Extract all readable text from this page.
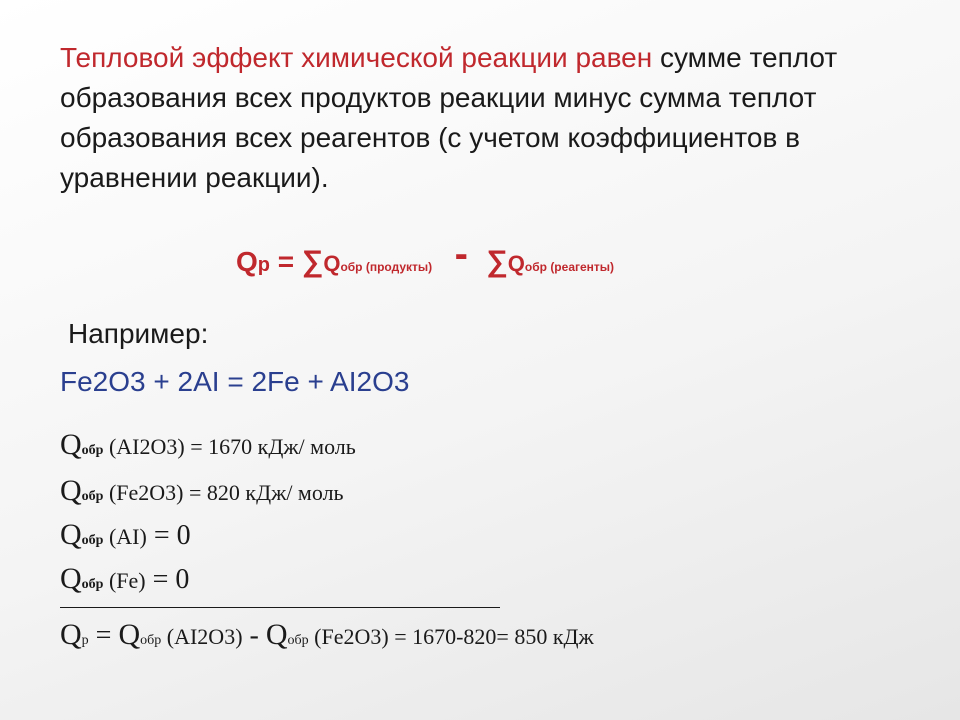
Тепловой эффект химической реакции равен сумме теплот образования всех продуктов реакции минус сумма теплот образования всех реагентов (с учетом коэффициентов в уравнении реакции).
Qр = ∑Qобр (продукты) - ∑Qобр (реагенты)
Например:
Fe2O3 + 2AI = 2Fe + AI2O3
Qобр (AI2O3) = 1670 кДж/ моль
Qобр (Fe2O3) = 820 кДж/ моль
Qобр (AI) = 0
Qобр (Fe) = 0
Qр = Qобр (AI2O3) - Qобр (Fe2O3) = 1670-820= 850 кДж
